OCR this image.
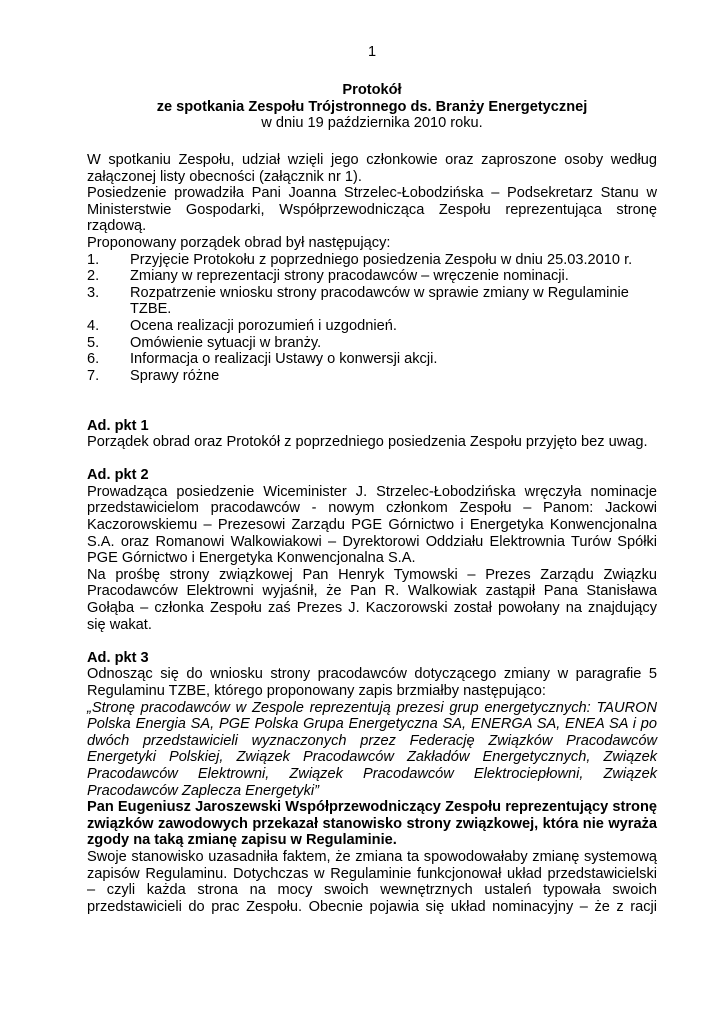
1
Protokół
ze spotkania Zespołu Trójstronnego ds. Branży Energetycznej
w dniu 19 października 2010 roku.

W spotkaniu Zespołu, udział wzięli jego członkowie oraz zaproszone osoby według załączonej listy obecności (załącznik nr 1).

Posiedzenie prowadziła Pani Joanna Strzelec-Łobodzińska – Podsekretarz Stanu w Ministerstwie Gospodarki, Współprzewodnicząca Zespołu reprezentująca stronę rządową.

Proponowany porządek obrad był następujący:

1.	Przyjęcie Protokołu z poprzedniego posiedzenia Zespołu w dniu 25.03.2010 r.
2.	Zmiany w reprezentacji strony pracodawców – wręczenie nominacji.
3.	Rozpatrzenie wniosku strony pracodawców w sprawie zmiany w Regulaminie TZBE.
4.	Ocena realizacji porozumień i uzgodnień.
5.	Omówienie sytuacji w branży.
6.	Informacja o realizacji Ustawy o konwersji akcji.
7.	Sprawy różne

Ad. pkt 1

Porządek obrad oraz Protokół z poprzedniego posiedzenia Zespołu przyjęto bez uwag.

Ad. pkt 2

Prowadząca posiedzenie Wiceminister J. Strzelec-Łobodzińska wręczyła nominacje przedstawicielom pracodawców - nowym członkom Zespołu – Panom: Jackowi Kaczorowskiemu – Prezesowi Zarządu PGE Górnictwo i Energetyka Konwencjonalna S.A. oraz Romanowi Walkowiakowi – Dyrektorowi Oddziału Elektrownia Turów Spółki PGE Górnictwo i Energetyka Konwencjonalna S.A.

Na prośbę strony związkowej Pan Henryk Tymowski – Prezes Zarządu Związku Pracodawców Elektrowni wyjaśnił, że Pan R. Walkowiak zastąpił Pana Stanisława Gołąba – członka Zespołu zaś Prezes J. Kaczorowski został powołany na znajdujący się wakat.

Ad. pkt 3

Odnosząc się do wniosku strony pracodawców dotyczącego zmiany w paragrafie 5 Regulaminu TZBE, którego proponowany zapis brzmiałby następująco:

„Stronę pracodawców w Zespole reprezentują prezesi grup energetycznych: TAURON Polska Energia SA, PGE Polska Grupa Energetyczna SA, ENERGA SA, ENEA SA i po dwóch przedstawicieli wyznaczonych przez Federację Związków Pracodawców Energetyki Polskiej, Związek Pracodawców Zakładów Energetycznych, Związek Pracodawców Elektrowni, Związek Pracodawców Elektrociepłowni, Związek Pracodawców Zaplecza Energetyki”

Pan Eugeniusz Jaroszewski Współprzewodniczący Zespołu reprezentujący stronę związków zawodowych przekazał stanowisko strony związkowej, która nie wyraża zgody na taką zmianę zapisu w Regulaminie.

Swoje stanowisko uzasadniła faktem, że zmiana ta spowodowałaby zmianę systemową zapisów Regulaminu. Dotychczas w Regulaminie funkcjonował układ przedstawicielski – czyli każda strona na mocy swoich wewnętrznych ustaleń typowała swoich przedstawicieli do prac Zespołu. Obecnie pojawia się układ nominacyjny – że z racji
